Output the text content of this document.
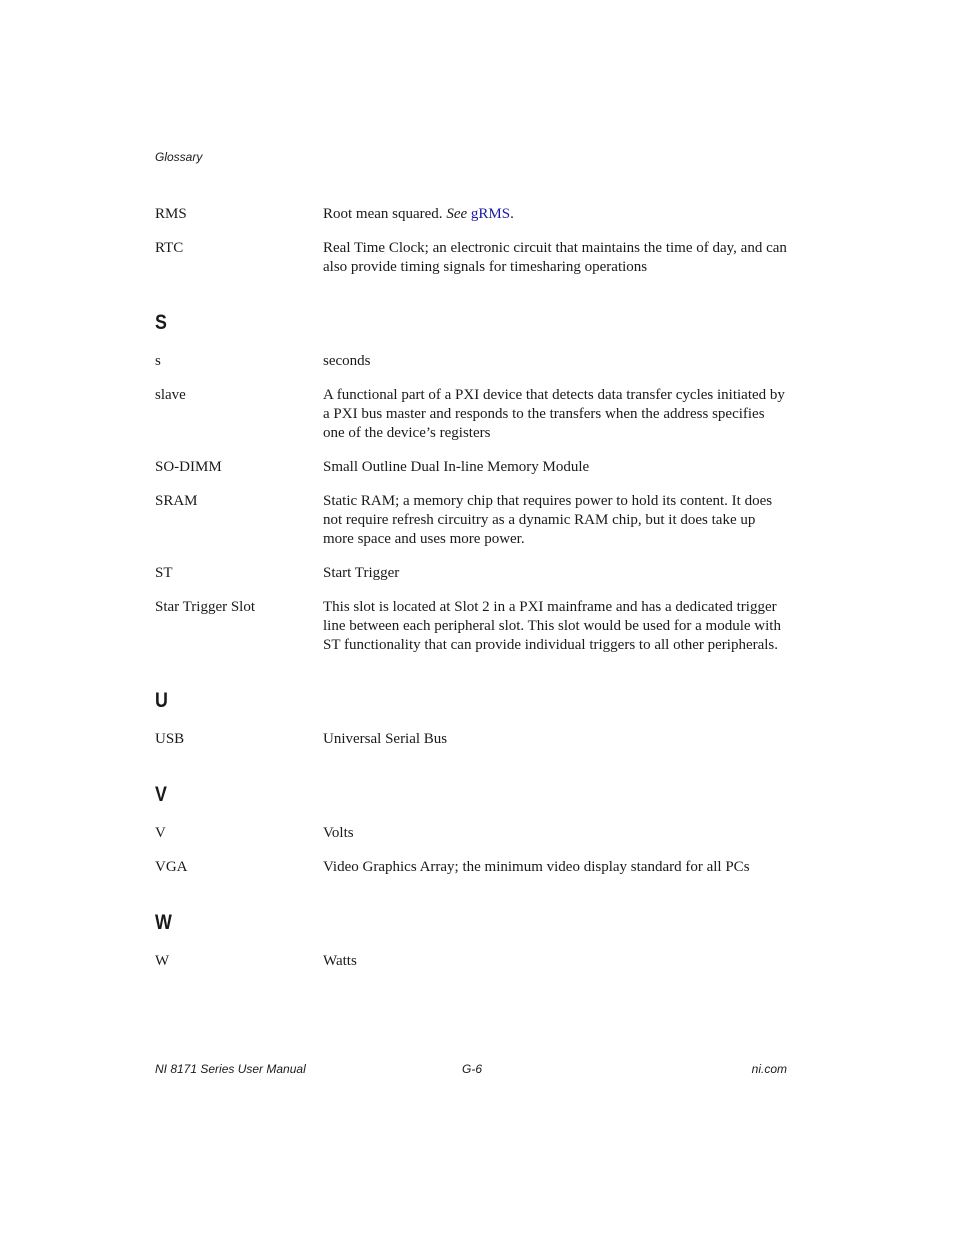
Glossary
RMS	Root mean squared. See gRMS.
RTC	Real Time Clock; an electronic circuit that maintains the time of day, and can also provide timing signals for timesharing operations
S
s	seconds
slave	A functional part of a PXI device that detects data transfer cycles initiated by a PXI bus master and responds to the transfers when the address specifies one of the device’s registers
SO-DIMM	Small Outline Dual In-line Memory Module
SRAM	Static RAM; a memory chip that requires power to hold its content. It does not require refresh circuitry as a dynamic RAM chip, but it does take up more space and uses more power.
ST	Start Trigger
Star Trigger Slot	This slot is located at Slot 2 in a PXI mainframe and has a dedicated trigger line between each peripheral slot. This slot would be used for a module with ST functionality that can provide individual triggers to all other peripherals.
U
USB	Universal Serial Bus
V
V	Volts
VGA	Video Graphics Array; the minimum video display standard for all PCs
W
W	Watts
NI 8171 Series User Manual	G-6	ni.com
